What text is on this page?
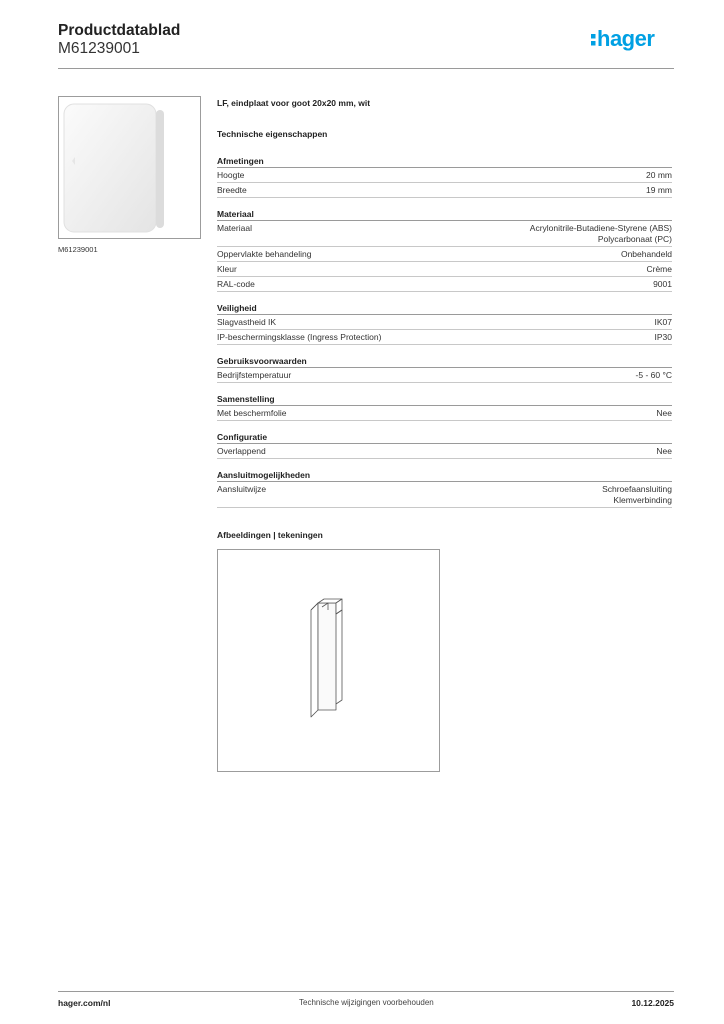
Productdatablad
M61239001	hager
M61239001
LF, eindplaat voor goot 20x20 mm, wit
Technische eigenschappen
Afmetingen
Hoogte	20 mm
Breedte	19 mm
Materiaal
Materiaal	Acrylonitrile-Butadiene-Styrene (ABS)
Polycarbonaat (PC)
Oppervlakte behandeling	Onbehandeld
Kleur	Crème
RAL-code	9001
Veiligheid
Slagvastheid IK	IK07
IP-beschermingsklasse (Ingress Protection)	IP30
Gebruiksvoorwaarden
Bedrijfstemperatuur	-5 - 60 °C
Samenstelling
Met beschermfolie	Nee
Configuratie
Overlappend	Nee
Aansluitmogelijkheden
Aansluitwijze	Schroefaansluiting
Klemverbinding
Afbeeldingen | tekeningen
hager.com/nl	Technische wijzigingen voorbehouden	10.12.2025
